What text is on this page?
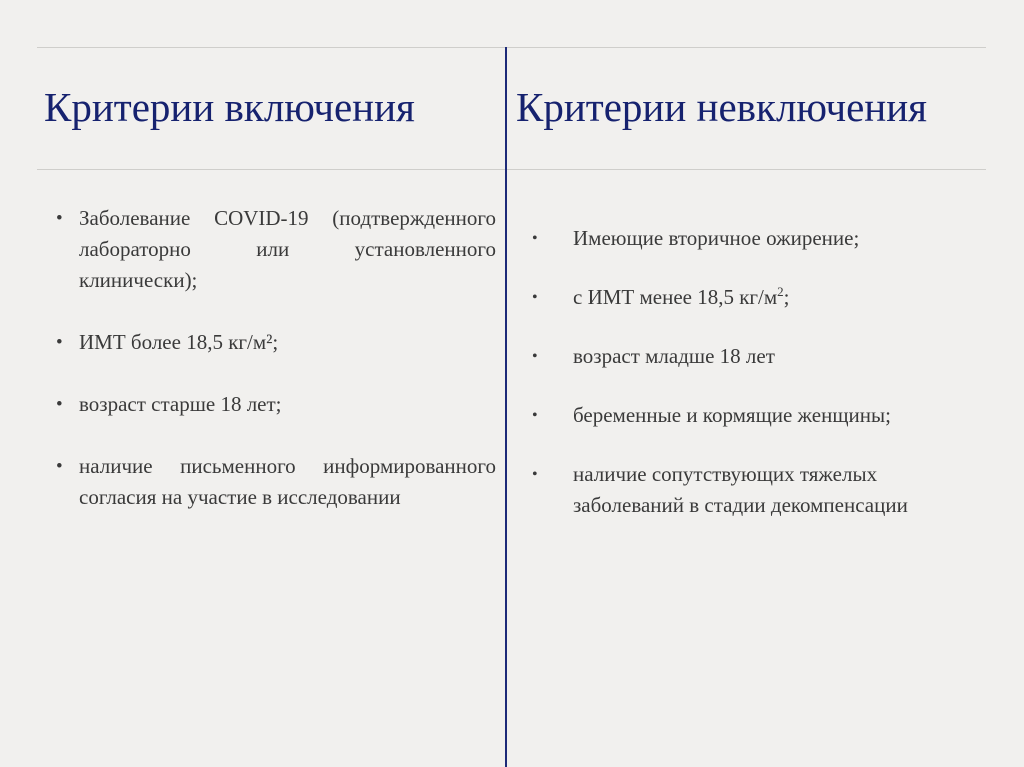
Критерии включения Критерии невключения
• Заболевание COVID-19 (подтвержденного лабораторно или установленного клинически);
• ИМТ более 18,5 кг/м²;
• возраст старше 18 лет;
• наличие письменного информированного согласия на участие в исследовании
• Имеющие вторичное ожирение;
• с ИМТ менее 18,5 $кг/м^2$;
• возраст младше 18 лет
• беременные и кормящие женщины;
• наличие сопутствующих тяжелых заболеваний в стадии декомпенсации
